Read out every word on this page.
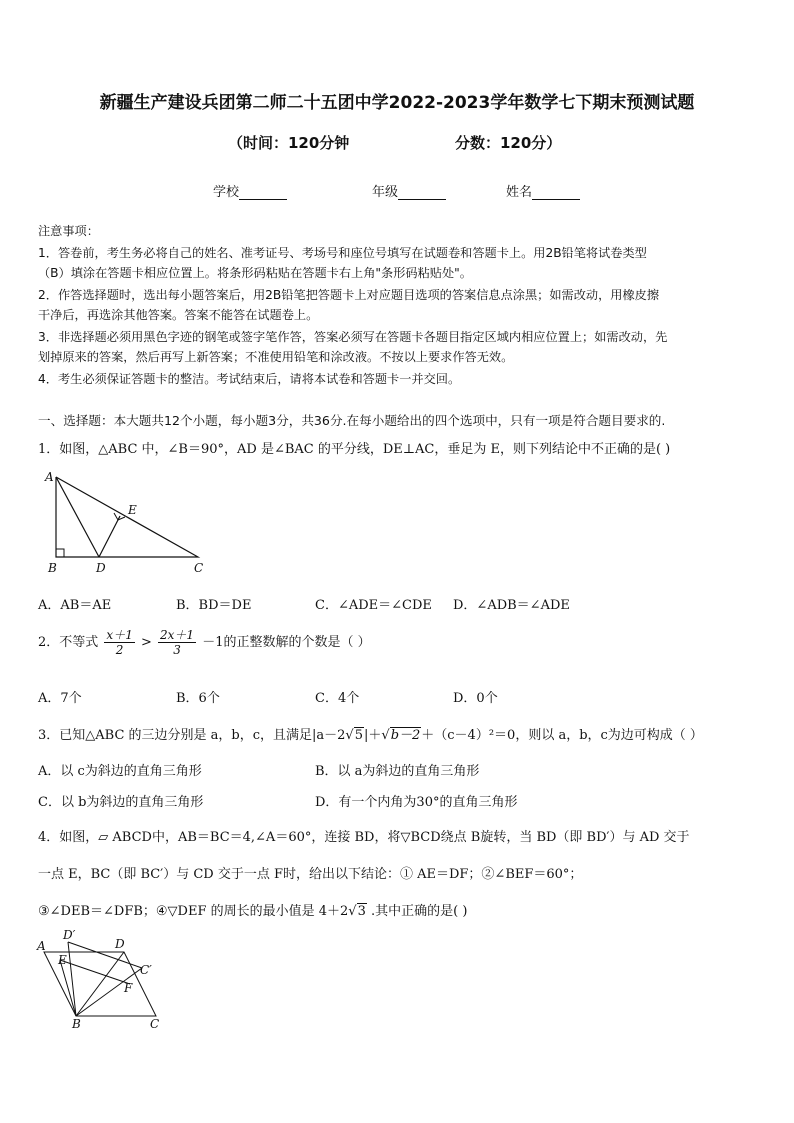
新疆生产建设兵团第二师二十五团中学2022-2023学年数学七下期末预测试题
（时间：120分钟	分数：120分）
学校	年级	姓名
注意事项：
1．答卷前，考生务必将自己的姓名、准考证号、考场号和座位号填写在试题卷和答题卡上。用2B铅笔将试卷类型
（B）填涂在答题卡相应位置上。将条形码粘贴在答题卡右上角"条形码粘贴处"。
2．作答选择题时，选出每小题答案后，用2B铅笔把答题卡上对应题目选项的答案信息点涂黑；如需改动，用橡皮擦
干净后，再选涂其他答案。答案不能答在试题卷上。
3．非选择题必须用黑色字迹的钢笔或签字笔作答，答案必须写在答题卡各题目指定区域内相应位置上；如需改动，先
划掉原来的答案，然后再写上新答案；不准使用铅笔和涂改液。不按以上要求作答无效。
4．考生必须保证答题卡的整洁。考试结束后，请将本试卷和答题卡一并交回。
一、选择题：本大题共12个小题，每小题3分，共36分.在每小题给出的四个选项中，只有一项是符合题目要求的.
1．如图，△ABC 中，∠B＝90°，AD 是∠BAC 的平分线，DE⊥AC，垂足为 E，则下列结论中不正确的是( )
A
E
B	D	C
A．AB＝AE	B．BD＝DE	C．∠ADE＝∠CDE D．∠ADB＝∠ADE
2．不等式 $\frac{x+1}{2} > \frac{2x+1}{3} -1$的正整数解的个数是（ ）
A．7个	B．6个	C．4个	D．0个
3．已知△ABC 的三边分别是 a，b，c，且满足|a－2√5|＋√b－2＋（c－4）²＝0，则以 a，b，c为边可构成（ ）
A．以 c为斜边的直角三角形	B．以 a为斜边的直角三角形
C．以 b为斜边的直角三角形	D．有一个内角为30°的直角三角形
4．如图，▱ ABCD中，AB＝BC＝4,∠A＝60°，连接 BD，将▽BCD绕点 B旋转，当 BD（即 BD′）与 AD 交于
一点 E，BC（即 BC′）与 CD 交于一点 F时，给出以下结论：① AE＝DF；②∠BEF＝60°；
③∠DEB＝∠DFB；④▽DEF 的周长的最小值是 4＋2√3 .其中正确的是( )
A
D′
D
E
C′
F
B	C
